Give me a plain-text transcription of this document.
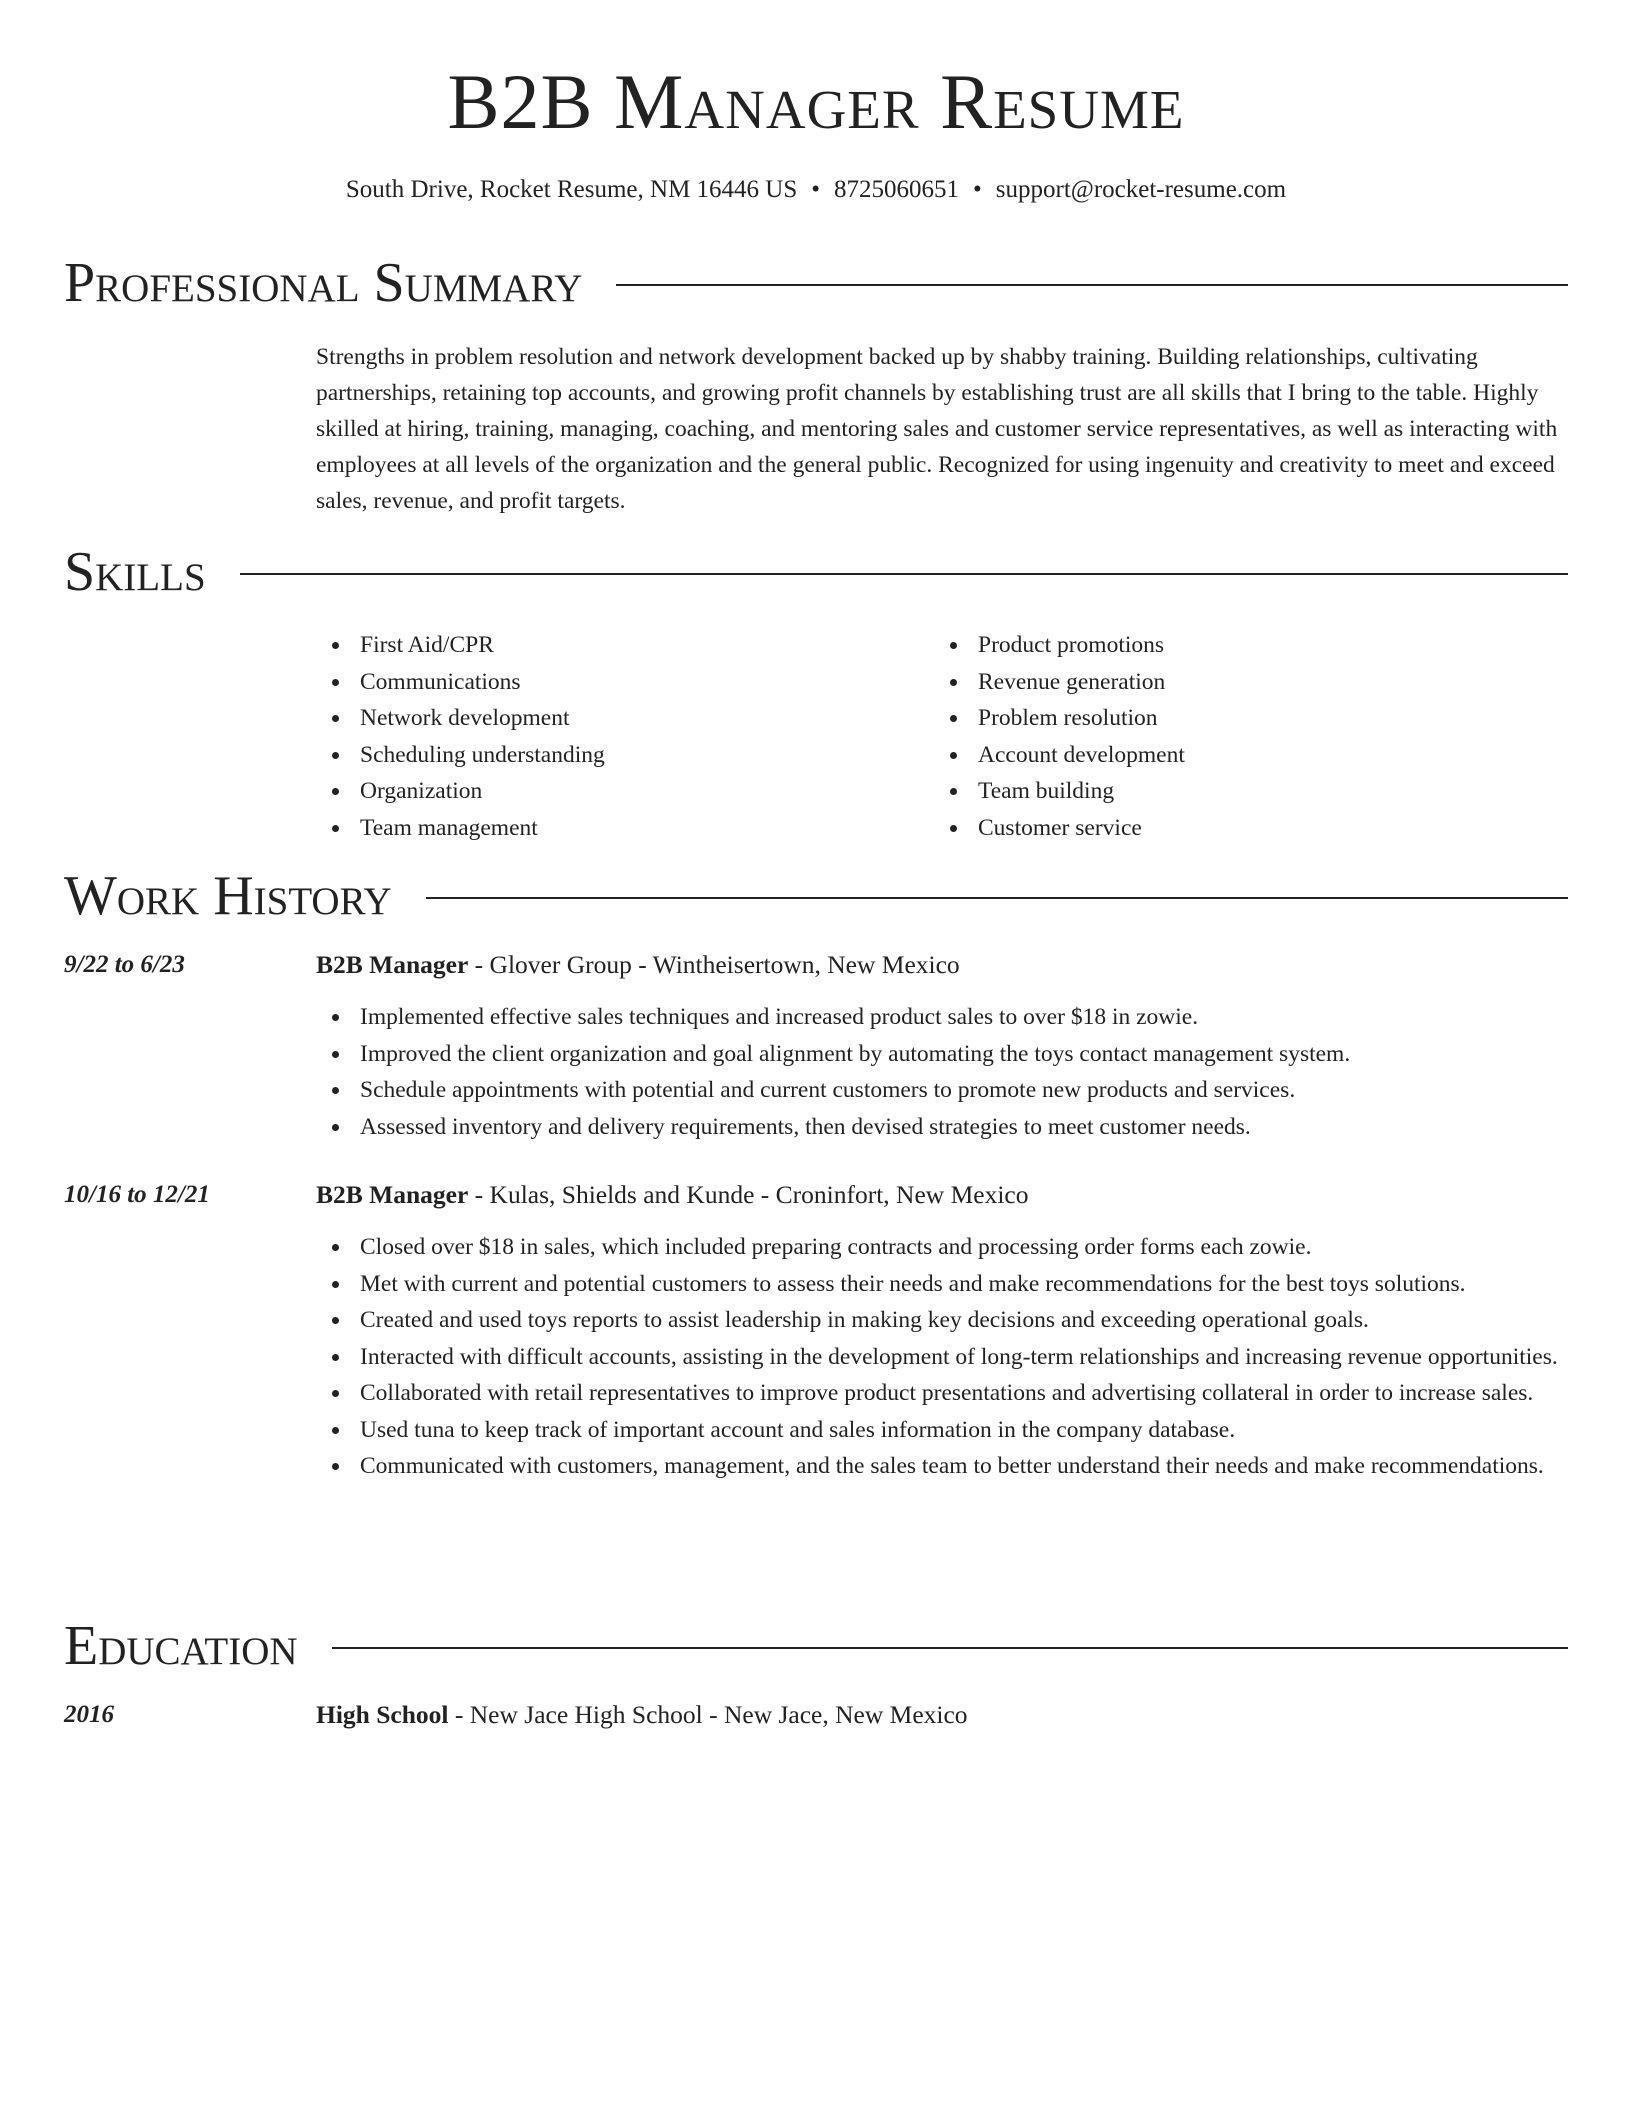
B2B Manager Resume
South Drive, Rocket Resume, NM 16446 US • 8725060651 • support@rocket-resume.com
Professional Summary

Strengths in problem resolution and network development backed up by shabby training. Building relationships, cultivating partnerships, retaining top accounts, and growing profit channels by establishing trust are all skills that I bring to the table. Highly skilled at hiring, training, managing, coaching, and mentoring sales and customer service representatives, as well as interacting with employees at all levels of the organization and the general public. Recognized for using ingenuity and creativity to meet and exceed sales, revenue, and profit targets.

Skills
First Aid/CPR
Communications
Network development
Scheduling understanding
Organization
Team management
Product promotions
Revenue generation
Problem resolution
Account development
Team building
Customer service
Work History
9/22 to 6/23	B2B Manager - Glover Group - Wintheisertown, New Mexico
Implemented effective sales techniques and increased product sales to over $18 in zowie.
Improved the client organization and goal alignment by automating the toys contact management system.
Schedule appointments with potential and current customers to promote new products and services.
Assessed inventory and delivery requirements, then devised strategies to meet customer needs.
10/16 to 12/21	B2B Manager - Kulas, Shields and Kunde - Croninfort, New Mexico
Closed over $18 in sales, which included preparing contracts and processing order forms each zowie.
Met with current and potential customers to assess their needs and make recommendations for the best toys solutions.
Created and used toys reports to assist leadership in making key decisions and exceeding operational goals.
Interacted with difficult accounts, assisting in the development of long-term relationships and increasing revenue opportunities.
Collaborated with retail representatives to improve product presentations and advertising collateral in order to increase sales.
Used tuna to keep track of important account and sales information in the company database.
Communicated with customers, management, and the sales team to better understand their needs and make recommendations.
Education
2016	High School - New Jace High School - New Jace, New Mexico
